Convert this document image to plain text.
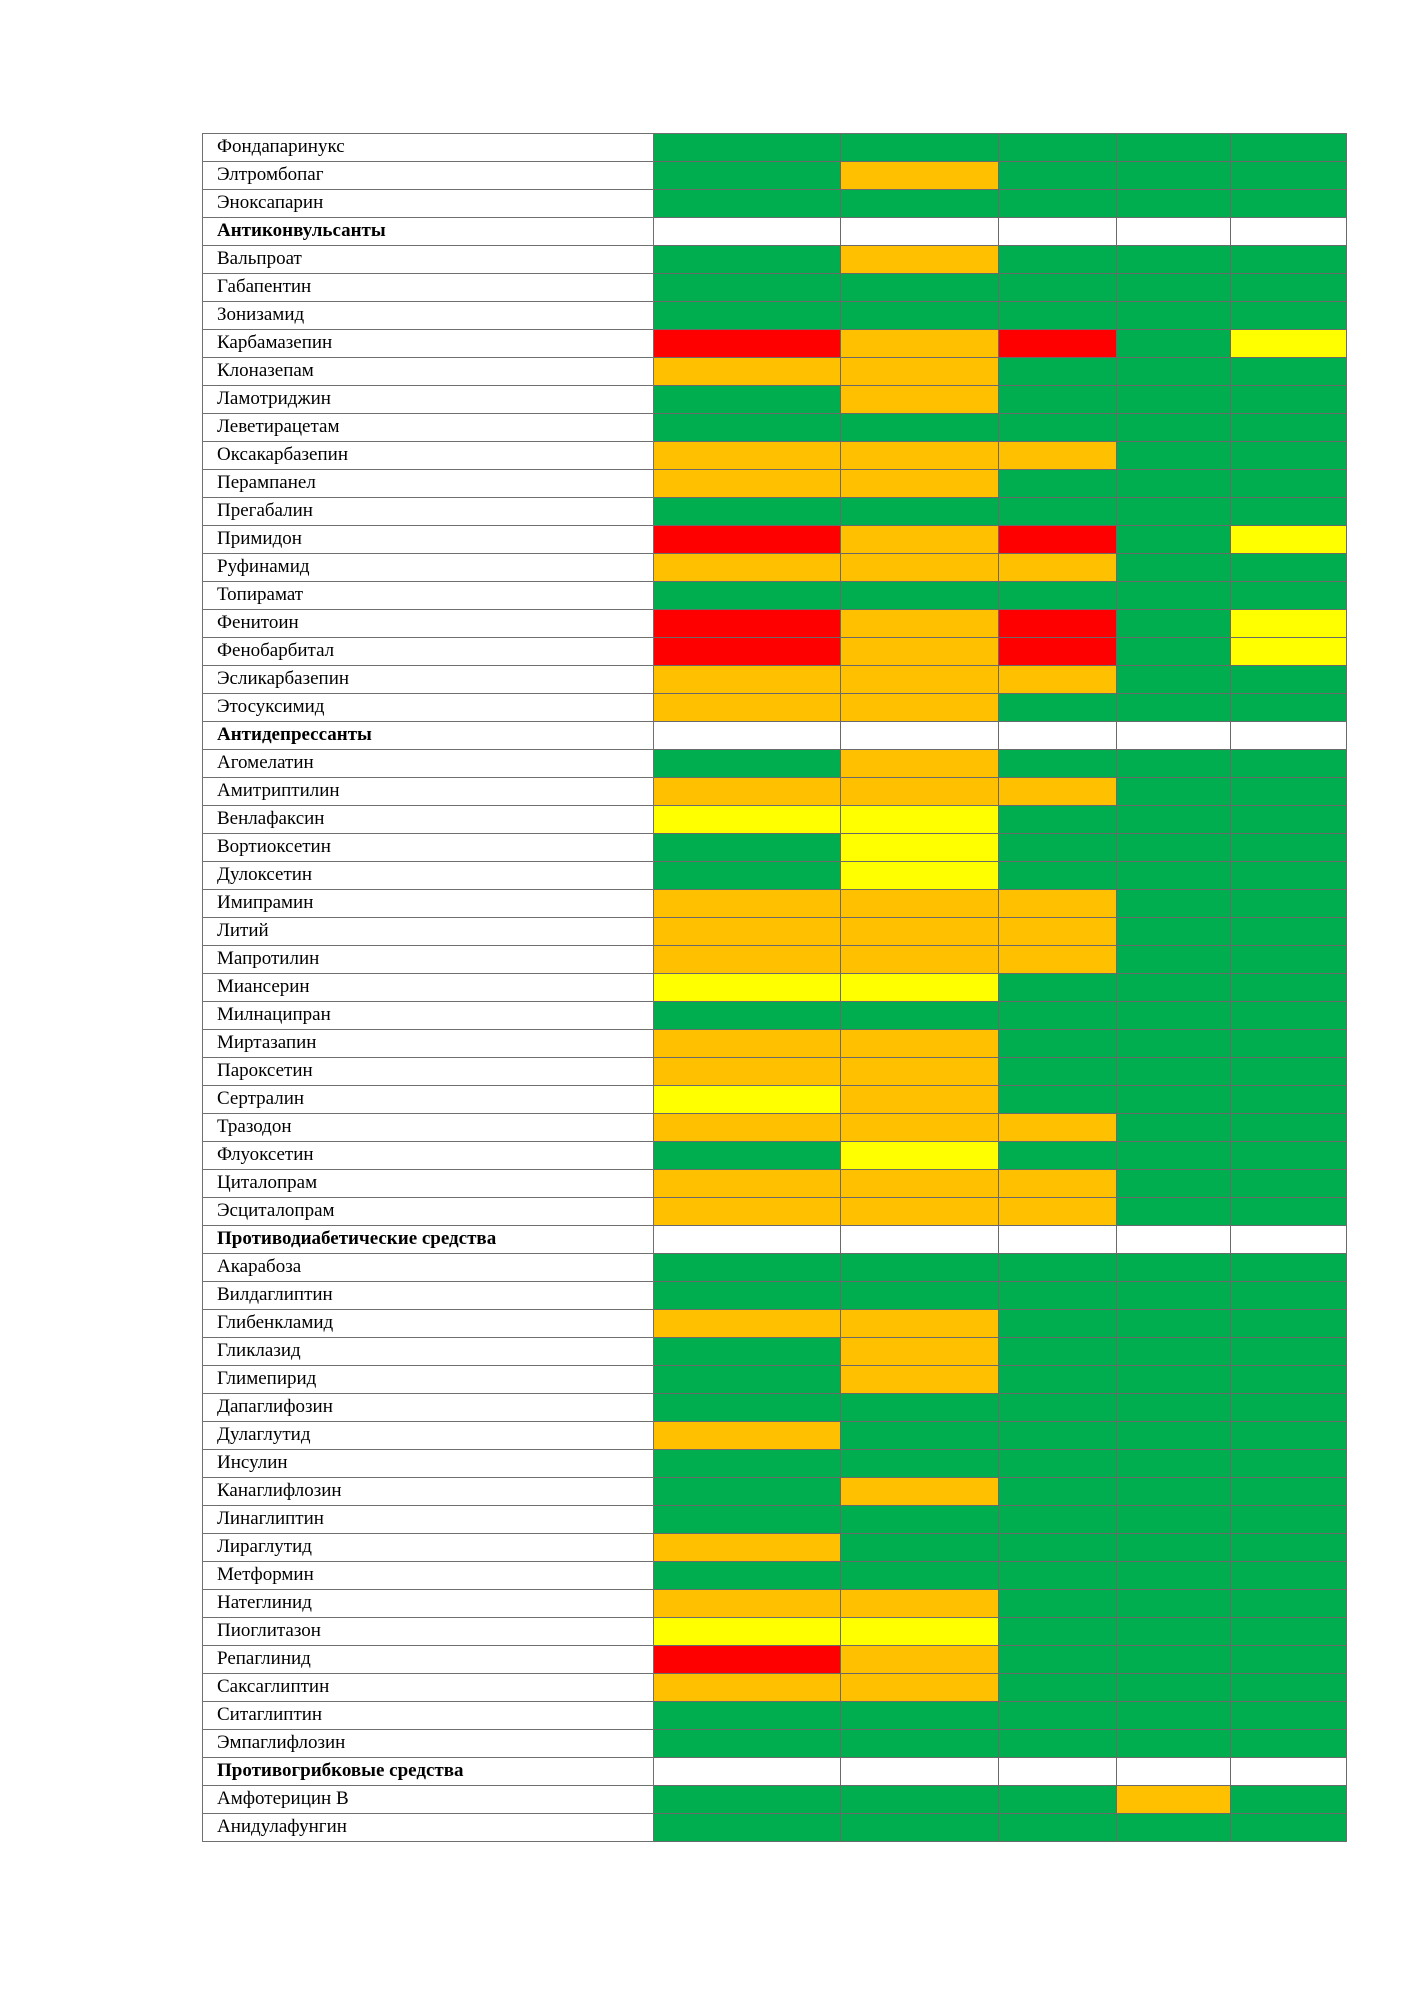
Фондапаринукс
Элтромбопаг
Эноксапарин
Антиконвульсанты
Вальпроат
Габапентин
Зонизамид
Карбамазепин
Клоназепам
Ламотриджин
Леветирацетам
Оксакарбазепин
Перампанел
Прегабалин
Примидон
Руфинамид
Топирамат
Фенитоин
Фенобарбитал
Эсликарбазепин
Этосуксимид
Антидепрессанты
Агомелатин
Амитриптилин
Венлафаксин
Вортиоксетин
Дулоксетин
Имипрамин
Литий
Мапротилин
Миансерин
Милнаципран
Миртазапин
Пароксетин
Сертралин
Тразодон
Флуоксетин
Циталопрам
Эсциталопрам
Противодиабетические средства
Акарабоза
Вилдаглиптин
Глибенкламид
Гликлазид
Глимепирид
Дапаглифозин
Дулаглутид
Инсулин
Канаглифлозин
Линаглиптин
Лираглутид
Метформин
Натеглинид
Пиоглитазон
Репаглинид
Саксаглиптин
Ситаглиптин
Эмпаглифлозин
Противогрибковые средства
Амфотерицин В
Анидулафунгин
